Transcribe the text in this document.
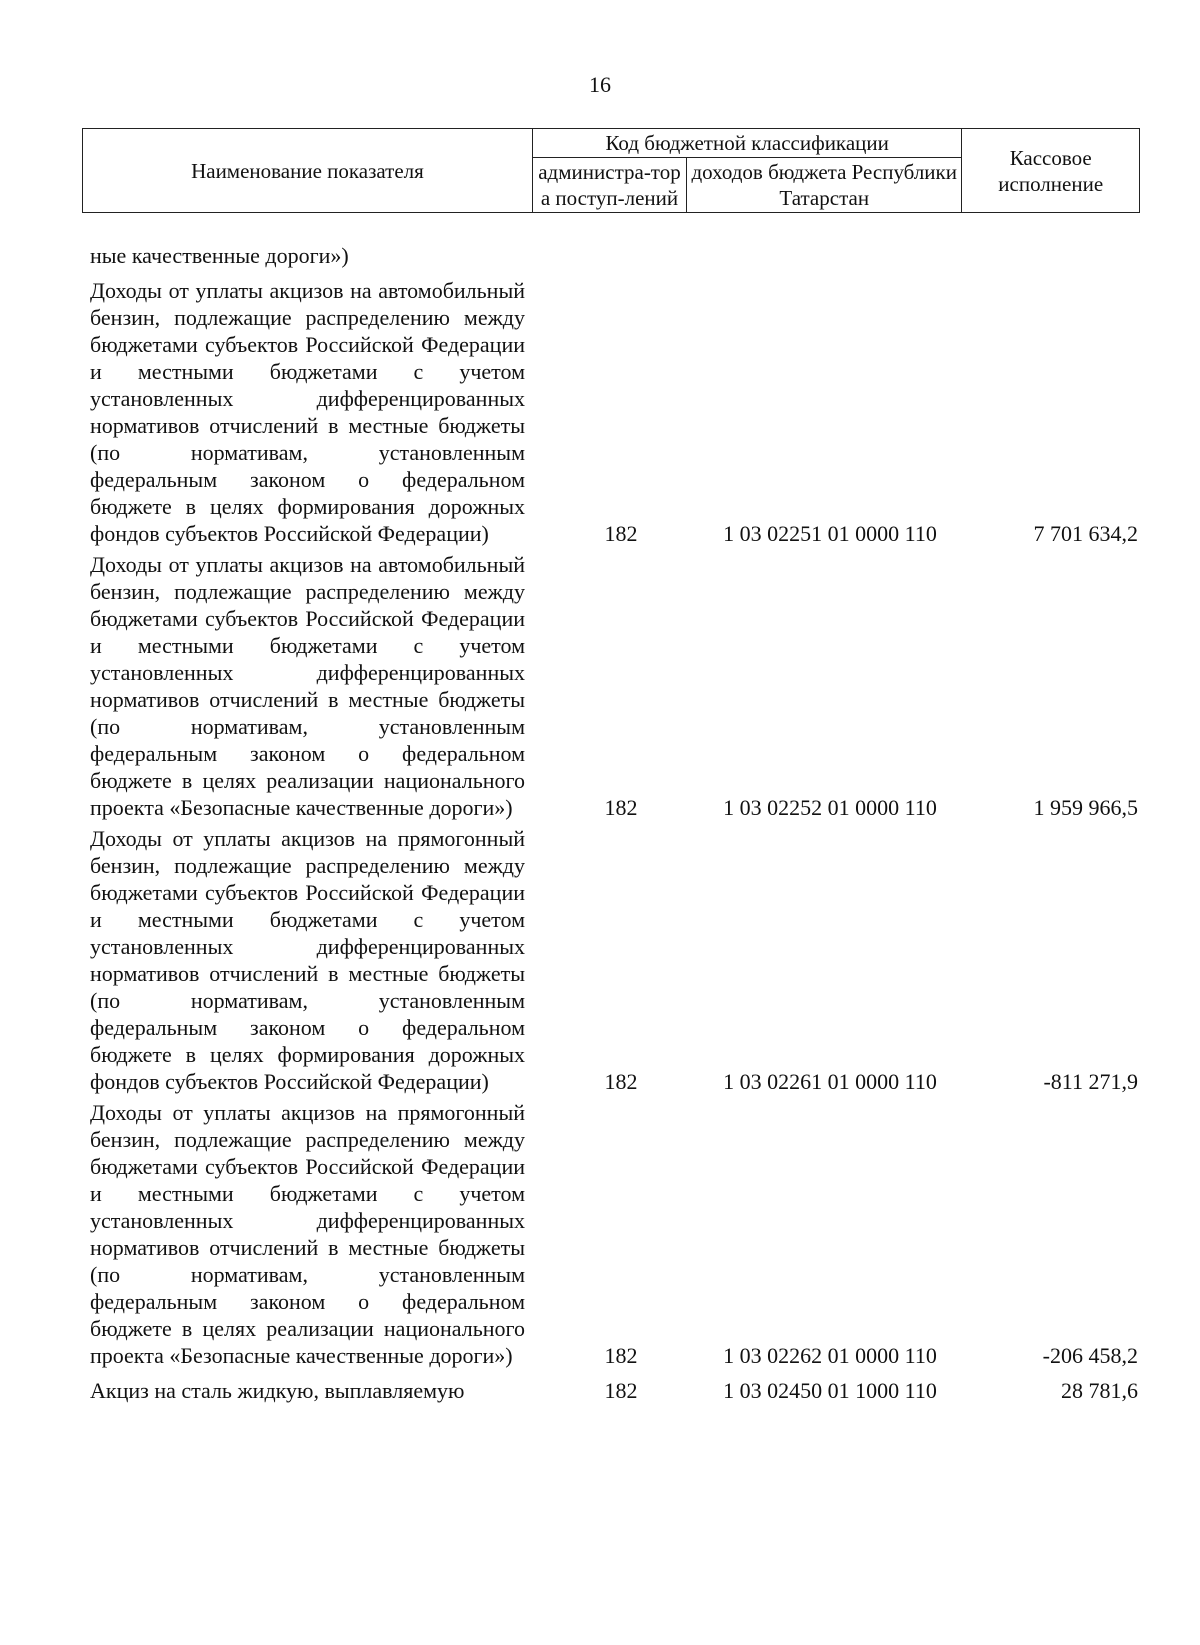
16
Наименование показателя	Код бюджетной классификации		Кассовое исполнение
	администра-тора поступ-лений	доходов бюджета Республики Татарстан	
ные качественные дороги»)
Доходы от уплаты акцизов на автомобильный бензин, подлежащие распределению между бюджетами субъектов Российской Федерации и местными бюджетами с учетом установленных дифференцированных нормативов отчислений в местные бюджеты (по нормативам, установленным федеральным законом о федеральном бюджете в целях формирования дорожных фондов субъектов Российской Федерации)	182	1 03 02251 01 0000 110	7 701 634,2
Доходы от уплаты акцизов на автомобильный бензин, подлежащие распределению между бюджетами субъектов Российской Федерации и местными бюджетами с учетом установленных дифференцированных нормативов отчислений в местные бюджеты (по нормативам, установленным федеральным законом о федеральном бюджете в целях реализации национального проекта «Безопасные качественные дороги»)	182	1 03 02252 01 0000 110	1 959 966,5
Доходы от уплаты акцизов на прямогонный бензин, подлежащие распределению между бюджетами субъектов Российской Федерации и местными бюджетами с учетом установленных дифференцированных нормативов отчислений в местные бюджеты (по нормативам, установленным федеральным законом о федеральном бюджете в целях формирования дорожных фондов субъектов Российской Федерации)	182	1 03 02261 01 0000 110	-811 271,9
Доходы от уплаты акцизов на прямогонный бензин, подлежащие распределению между бюджетами субъектов Российской Федерации и местными бюджетами с учетом установленных дифференцированных нормативов отчислений в местные бюджеты (по нормативам, установленным федеральным законом о федеральном бюджете в целях реализации национального проекта «Безопасные качественные дороги»)	182	1 03 02262 01 0000 110	-206 458,2
Акциз на сталь жидкую, выплавляемую	182	1 03 02450 01 1000 110	28 781,6
